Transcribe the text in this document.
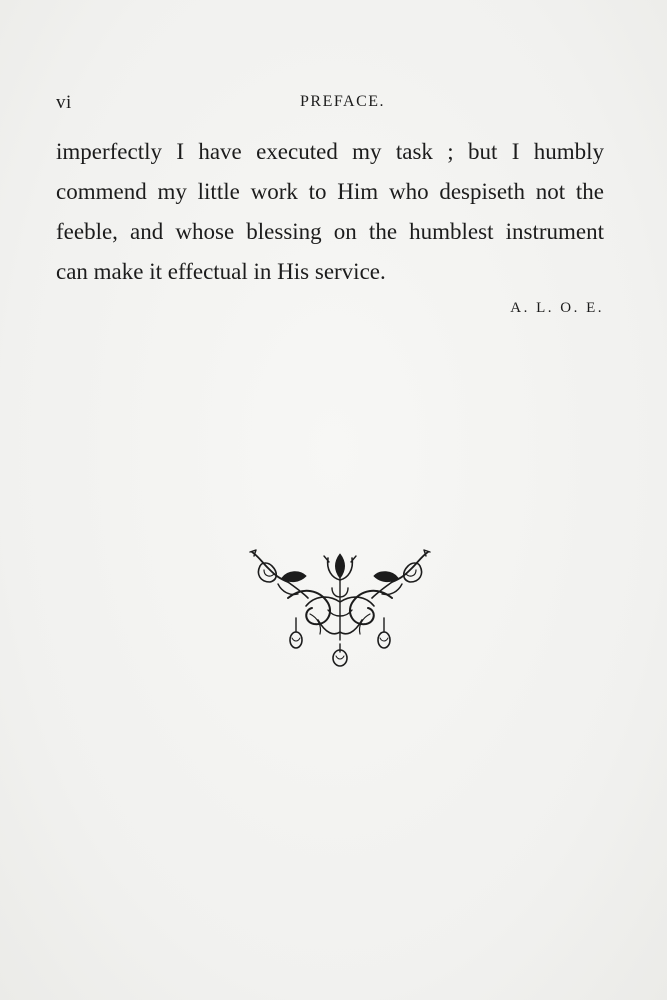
vi	PREFACE.
imperfectly I have executed my task ; but I humbly
commend my little work to Him who despiseth not the
feeble, and whose blessing on the humblest instrument
can make it effectual in His service.
A. L. O. E.
